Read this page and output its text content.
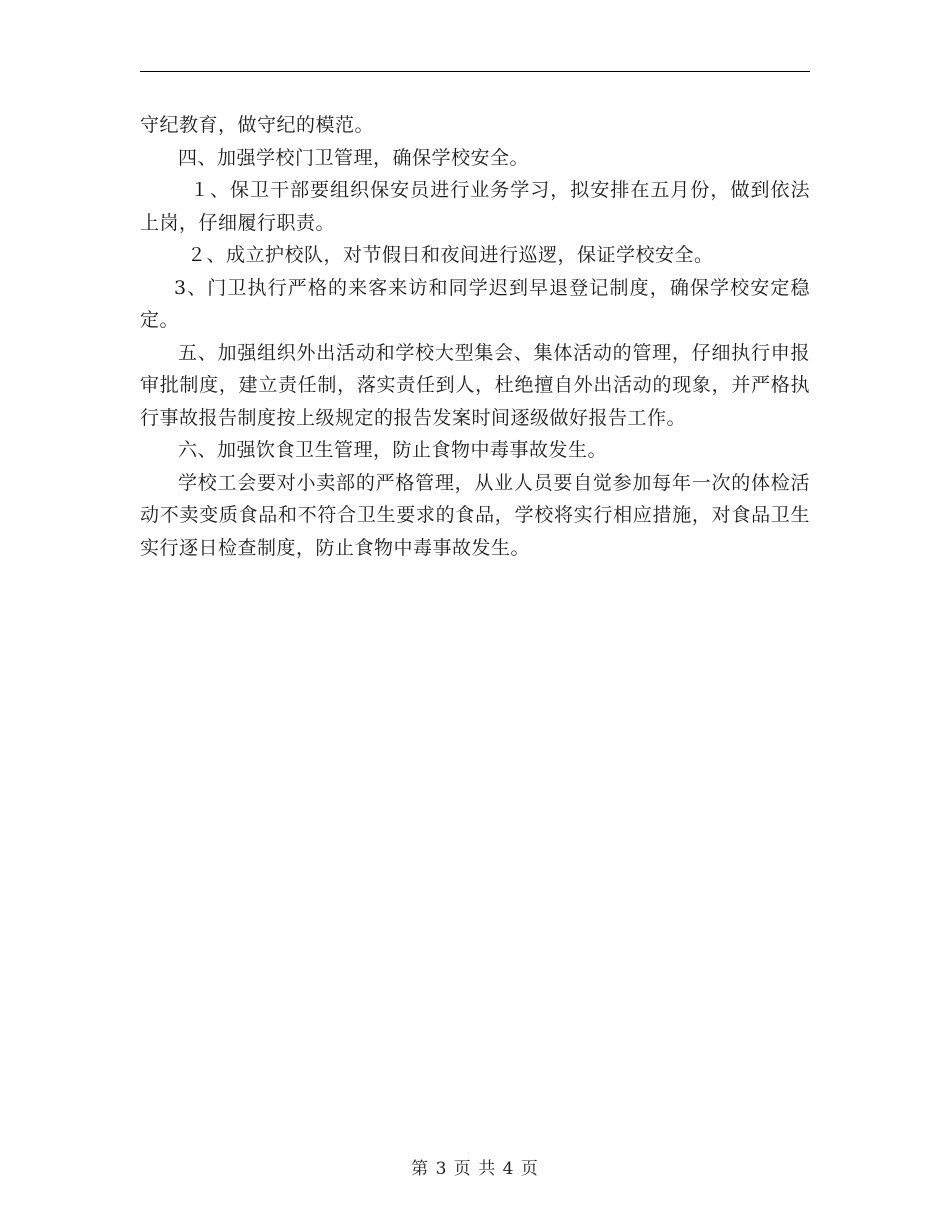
守纪教育，做守纪的模范。

四、加强学校门卫管理，确保学校安全。

１、保卫干部要组织保安员进行业务学习，拟安排在五月份，做到依法上岗，仔细履行职责。

２、成立护校队，对节假日和夜间进行巡逻，保证学校安全。

3、门卫执行严格的来客来访和同学迟到早退登记制度，确保学校安定稳定。

五、加强组织外出活动和学校大型集会、集体活动的管理，仔细执行申报审批制度，建立责任制，落实责任到人，杜绝擅自外出活动的现象，并严格执行事故报告制度按上级规定的报告发案时间逐级做好报告工作。

六、加强饮食卫生管理，防止食物中毒事故发生。

学校工会要对小卖部的严格管理，从业人员要自觉参加每年一次的体检活动不卖变质食品和不符合卫生要求的食品，学校将实行相应措施，对食品卫生实行逐日检查制度，防止食物中毒事故发生。

第 3 页 共 4 页
